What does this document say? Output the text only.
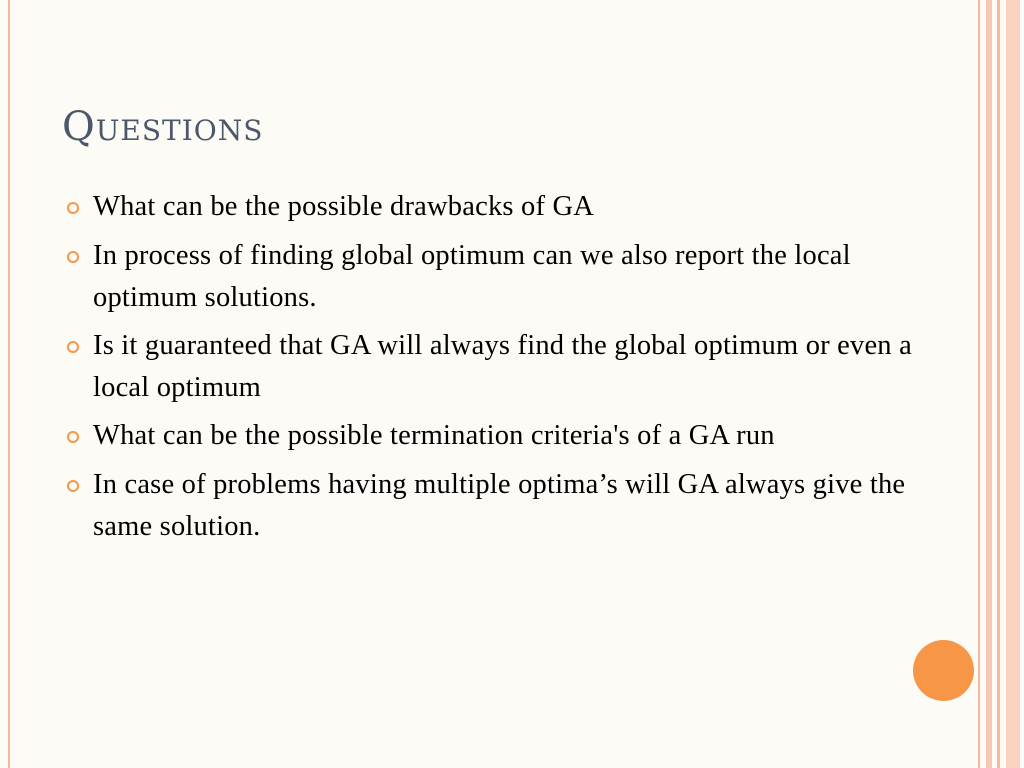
Questions
What can be the possible drawbacks of GA
In process of finding global optimum can we also report the local optimum solutions.
Is it guaranteed that GA will always find the global optimum or even a local optimum
What can be the possible termination criteria's of a GA run
In case of problems having multiple optima’s will GA always give the same solution.
